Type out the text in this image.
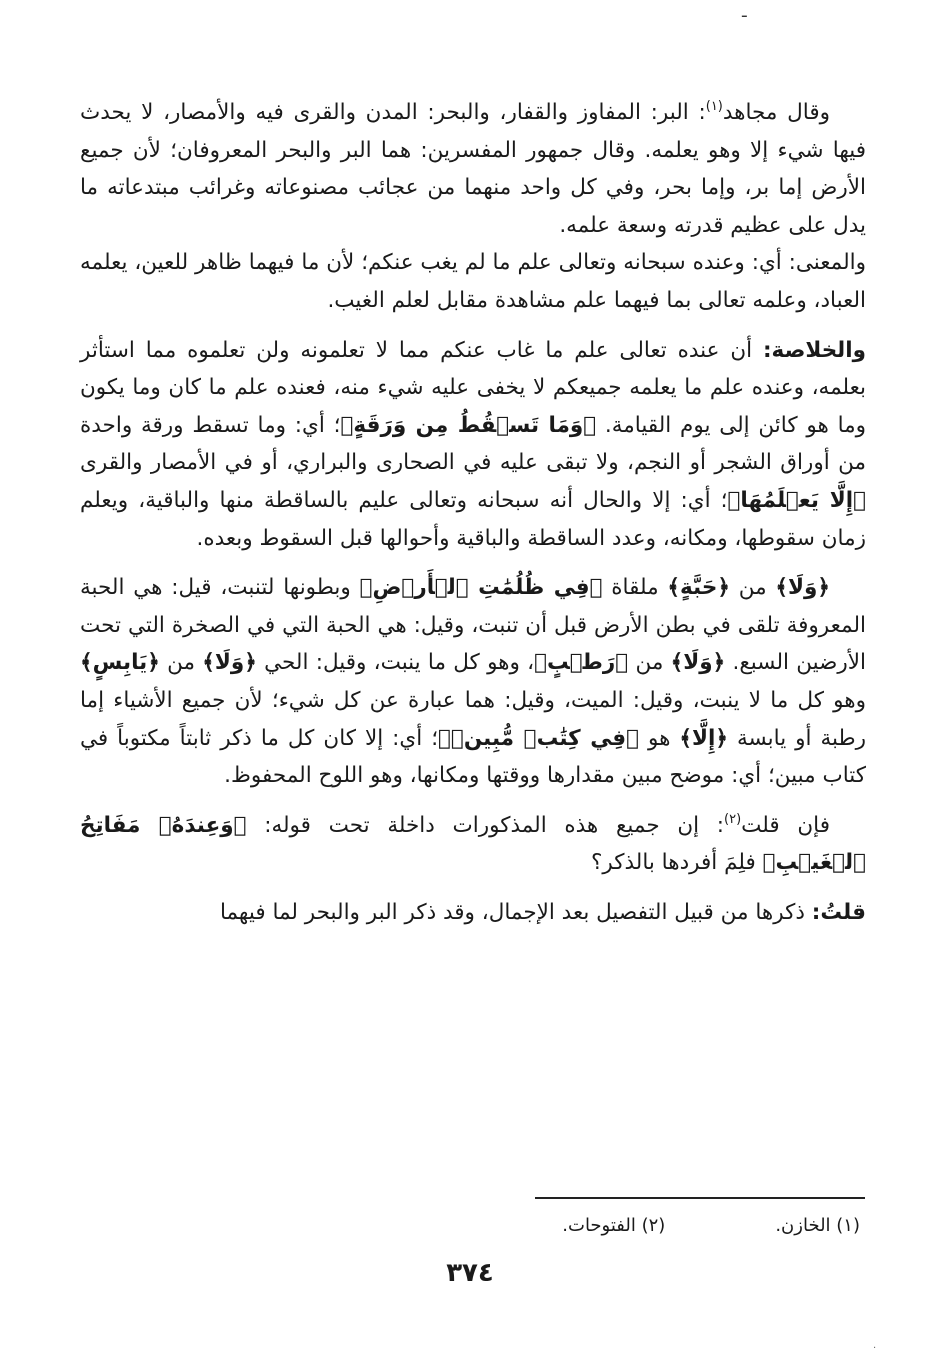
ـ

وقال مجاهد$^{(١)}$: البر: المفاوز والقفار، والبحر: المدن والقرى فيه والأمصار، لا يحدث فيها شيء إلا وهو يعلمه. وقال جمهور المفسرين: هما البر والبحر المعروفان؛ لأن جميع الأرض إما بر، وإما بحر، وفي كل واحد منهما من عجائب مصنوعاته وغرائب مبتدعاته ما يدل على عظيم قدرته وسعة علمه.

والمعنى: أي: وعنده سبحانه وتعالى علم ما لم يغب عنكم؛ لأن ما فيهما ظاهر للعين، يعلمه العباد، وعلمه تعالى بما فيهما علم مشاهدة مقابل لعلم الغيب.

والخلاصة: أن عنده تعالى علم ما غاب عنكم مما لا تعلمونه ولن تعلموه مما استأثر بعلمه، وعنده علم ما يعلمه جميعكم لا يخفى عليه شيء منه، فعنده علم ما كان وما يكون وما هو كائن إلى يوم القيامة. ﴿وَمَا تَسۡقُطُ مِن وَرَقَةٍ﴾؛ أي: وما تسقط ورقة واحدة من أوراق الشجر أو النجم، ولا تبقى عليه في الصحارى والبراري، أو في الأمصار والقرى ﴿إِلَّا يَعۡلَمُهَا﴾؛ أي: إلا والحال أنه سبحانه وتعالى عليم بالساقطة منها والباقية، ويعلم زمان سقوطها، ومكانه، وعدد الساقطة والباقية وأحوالها قبل السقوط وبعده.

﴿وَلَا﴾ من ﴿حَبَّةٍ﴾ ملقاة ﴿فِي ظُلُمَٰتِ ٱلۡأَرۡضِ﴾ وبطونها لتنبت، قيل: هي الحبة المعروفة تلقى في بطن الأرض قبل أن تنبت، وقيل: هي الحبة التي في الصخرة التي تحت الأرضين السبع. ﴿وَلَا﴾ من ﴿رَطۡبٍ﴾، وهو كل ما ينبت، وقيل: الحي ﴿وَلَا﴾ من ﴿يَابِسٍ﴾ وهو كل ما لا ينبت، وقيل: الميت، وقيل: هما عبارة عن كل شيء؛ لأن جميع الأشياء إما رطبة أو يابسة ﴿إِلَّا﴾ هو ﴿فِي كِتَٰبٖ مُّبِينٖ﴾؛ أي: إلا كان كل ما ذكر ثابتاً مكتوباً في كتاب مبين؛ أي: موضح مبين مقدارها ووقتها ومكانها، وهو اللوح المحفوظ.

فإن قلت$^{(٢)}$: إن جميع هذه المذكورات داخلة تحت قوله: ﴿وَعِندَهُۥ مَفَاتِحُ ٱلۡغَيۡبِ﴾ فلِمَ أفردها بالذكر؟

قلتُ: ذكرها من قبيل التفصيل بعد الإجمال، وقد ذكر البر والبحر لما فيهما

(١) الخازن.
(٢) الفتوحات.
٣٧٤
.
